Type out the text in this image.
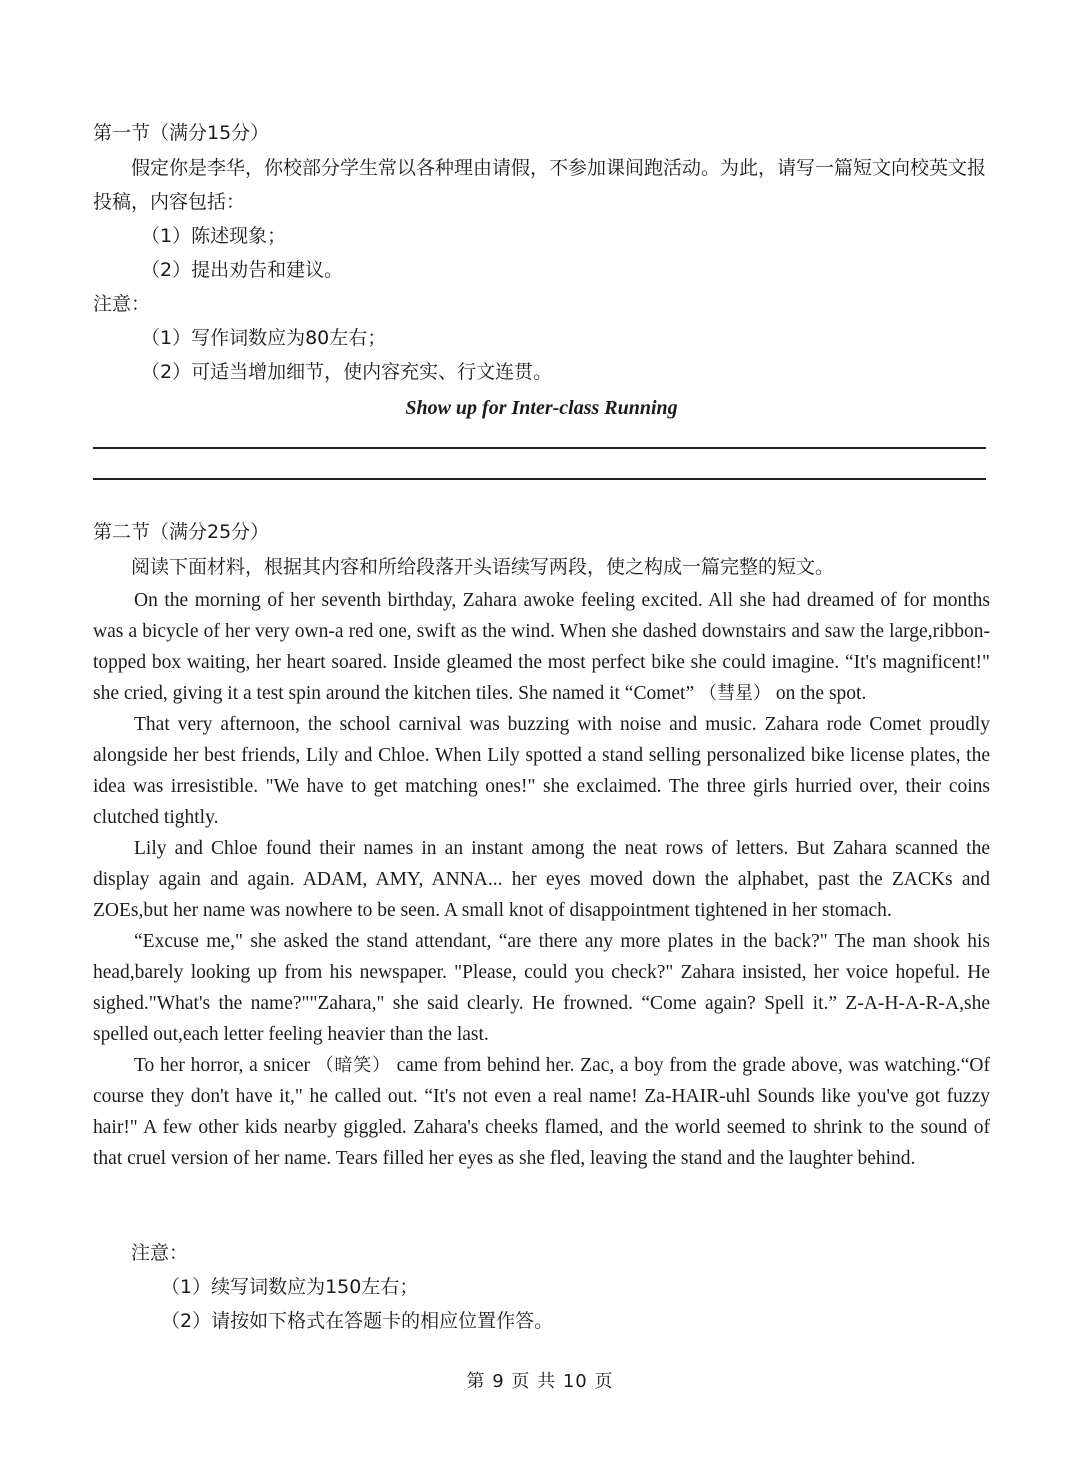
第一节（满分15分）
假定你是李华，你校部分学生常以各种理由请假，不参加课间跑活动。为此，请写一篇短文向校英文报投稿，内容包括：
（1）陈述现象；
（2）提出劝告和建议。
注意：
（1）写作词数应为80左右；
（2）可适当增加细节，使内容充实、行文连贯。
Show up for Inter-class Running
第二节（满分25分）
阅读下面材料，根据其内容和所给段落开头语续写两段，使之构成一篇完整的短文。

On the morning of her seventh birthday, Zahara awoke feeling excited. All she had dreamed of for months was a bicycle of her very own-a red one, swift as the wind. When she dashed downstairs and saw the large,ribbon-topped box waiting, her heart soared. Inside gleamed the most perfect bike she could imagine. “It's magnificent!" she cried, giving it a test spin around the kitchen tiles. She named it “Comet” （彗星） on the spot.

That very afternoon, the school carnival was buzzing with noise and music. Zahara rode Comet proudly alongside her best friends, Lily and Chloe. When Lily spotted a stand selling personalized bike license plates, the idea was irresistible. "We have to get matching ones!" she exclaimed. The three girls hurried over, their coins clutched tightly.

Lily and Chloe found their names in an instant among the neat rows of letters. But Zahara scanned the display again and again. ADAM, AMY, ANNA... her eyes moved down the alphabet, past the ZACKs and ZOEs,but her name was nowhere to be seen. A small knot of disappointment tightened in her stomach.

“Excuse me," she asked the stand attendant, “are there any more plates in the back?" The man shook his head,barely looking up from his newspaper. "Please, could you check?" Zahara insisted, her voice hopeful. He sighed."What's the name?""Zahara," she said clearly. He frowned. “Come again? Spell it.” Z-A-H-A-R-A,she spelled out,each letter feeling heavier than the last.

To her horror, a snicer （暗笑） came from behind her. Zac, a boy from the grade above, was watching.“Of course they don't have it," he called out. “It's not even a real name! Za-HAIR-uhl Sounds like you've got fuzzy hair!" A few other kids nearby giggled. Zahara's cheeks flamed, and the world seemed to shrink to the sound of that cruel version of her name. Tears filled her eyes as she fled, leaving the stand and the laughter behind.

注意：
（1）续写词数应为150左右；
（2）请按如下格式在答题卡的相应位置作答。
第 9 页 共 10 页
